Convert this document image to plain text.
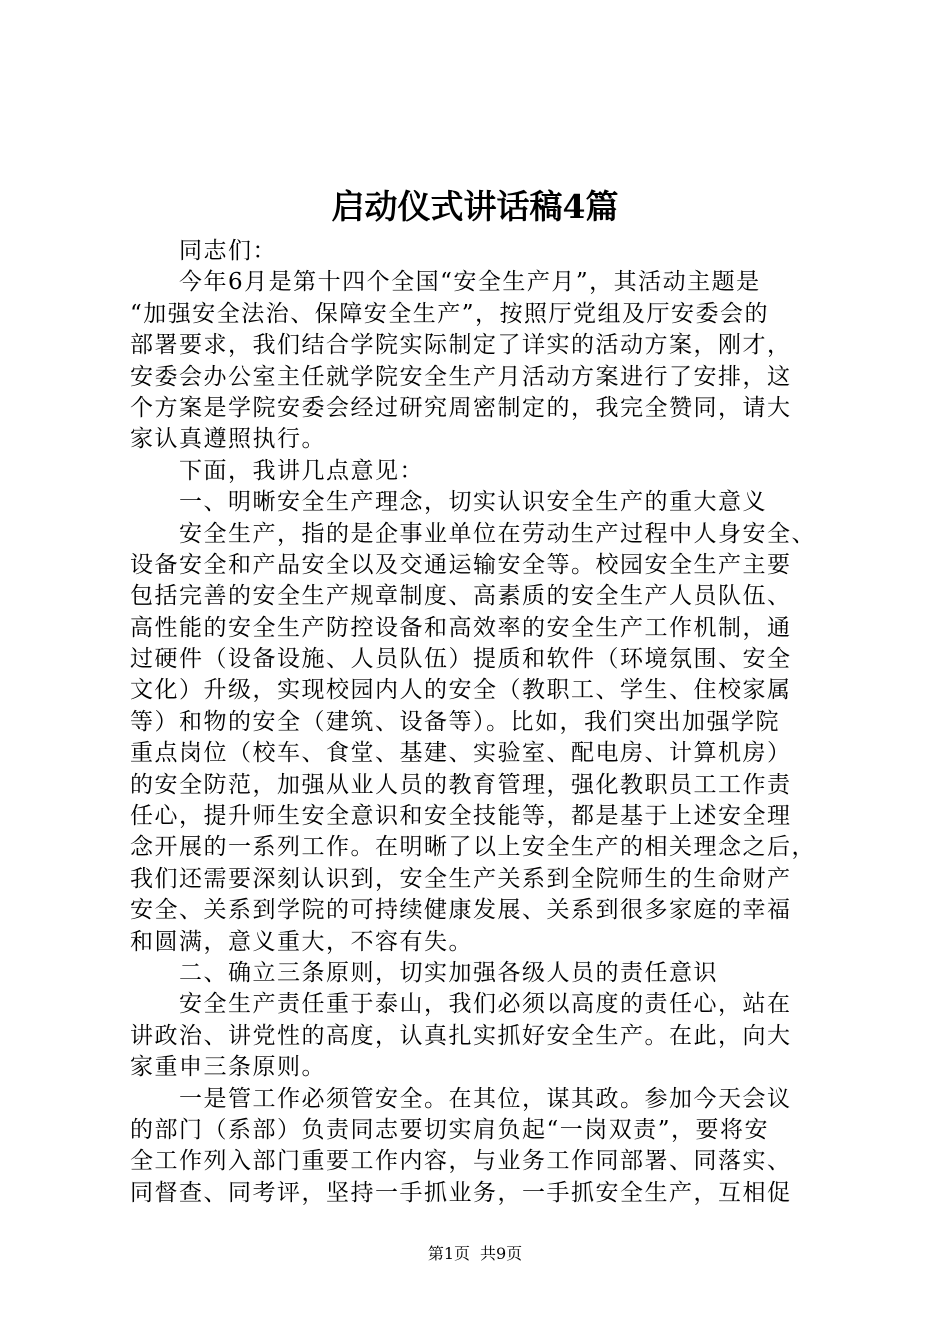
启动仪式讲话稿4篇
同志们：
今年6月是第十四个全国“安全生产月”，其活动主题是
“加强安全法治、保障安全生产”，按照厅党组及厅安委会的
部署要求，我们结合学院实际制定了详实的活动方案，刚才，
安委会办公室主任就学院安全生产月活动方案进行了安排，这
个方案是学院安委会经过研究周密制定的，我完全赞同，请大
家认真遵照执行。
下面，我讲几点意见：
一、明晰安全生产理念，切实认识安全生产的重大意义
安全生产，指的是企事业单位在劳动生产过程中人身安全、
设备安全和产品安全以及交通运输安全等。校园安全生产主要
包括完善的安全生产规章制度、高素质的安全生产人员队伍、
高性能的安全生产防控设备和高效率的安全生产工作机制，通
过硬件（设备设施、人员队伍）提质和软件（环境氛围、安全
文化）升级，实现校园内人的安全（教职工、学生、住校家属
等）和物的安全（建筑、设备等）。比如，我们突出加强学院
重点岗位（校车、食堂、基建、实验室、配电房、计算机房）
的安全防范，加强从业人员的教育管理，强化教职员工工作责
任心，提升师生安全意识和安全技能等，都是基于上述安全理
念开展的一系列工作。在明晰了以上安全生产的相关理念之后，
我们还需要深刻认识到，安全生产关系到全院师生的生命财产
安全、关系到学院的可持续健康发展、关系到很多家庭的幸福
和圆满，意义重大，不容有失。
二、确立三条原则，切实加强各级人员的责任意识
安全生产责任重于泰山，我们必须以高度的责任心，站在
讲政治、讲党性的高度，认真扎实抓好安全生产。在此，向大
家重申三条原则。
一是管工作必须管安全。在其位，谋其政。参加今天会议
的部门（系部）负责同志要切实肩负起“一岗双责”，要将安
全工作列入部门重要工作内容，与业务工作同部署、同落实、
同督查、同考评，坚持一手抓业务，一手抓安全生产，互相促
第1页 共9页
